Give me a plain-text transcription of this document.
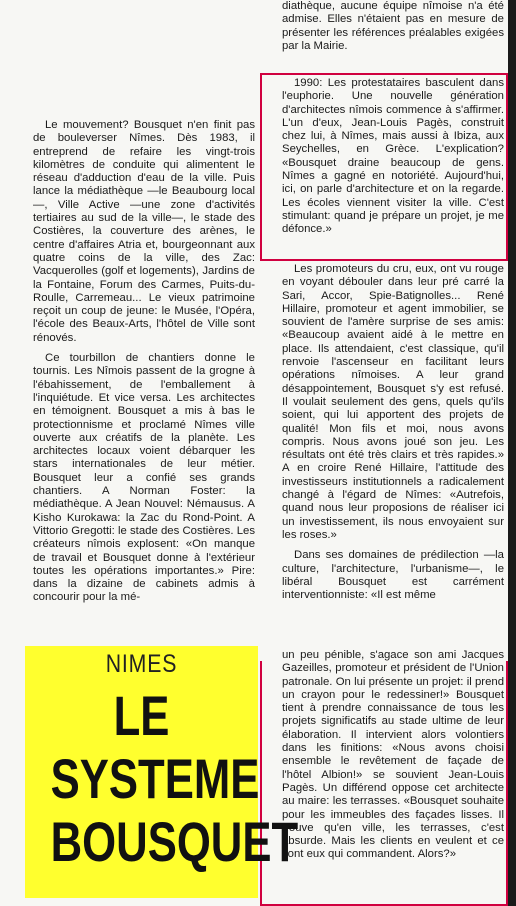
diathèque, aucune équipe nîmoise n'a été admise. Elles n'étaient pas en mesure de présenter les références préalables exigées par la Mairie.

Le mouvement? Bousquet n'en finit pas de bouleverser Nîmes. Dès 1983, il entreprend de refaire les vingt-trois kilomètres de conduite qui alimentent le réseau d'adduction d'eau de la ville. Puis lance la médiathèque —le Beaubourg local—, Ville Active —une zone d'activités tertiaires au sud de la ville—, le stade des Costières, la couverture des arènes, le centre d'affaires Atria et, bourgeonnant aux quatre coins de la ville, des Zac: Vacquerolles (golf et logements), Jardins de la Fontaine, Forum des Carmes, Puits-du-Roulle, Carremeau... Le vieux patrimoine reçoit un coup de jeune: le Musée, l'Opéra, l'école des Beaux-Arts, l'hôtel de Ville sont rénovés.

Ce tourbillon de chantiers donne le tournis. Les Nîmois passent de la grogne à l'ébahissement, de l'emballement à l'inquiétude. Et vice versa. Les architectes en témoignent. Bousquet a mis à bas le protectionnisme et proclamé Nîmes ville ouverte aux créatifs de la planète. Les architectes locaux voient débarquer les stars internationales de leur métier. Bousquet leur a confié ses grands chantiers. A Norman Foster: la médiathèque. A Jean Nouvel: Némausus. A Kisho Kurokawa: la Zac du Rond-Point. A Vittorio Gregotti: le stade des Costières. Les créateurs nîmois explosent: «On manque de travail et Bousquet donne à l'extérieur toutes les opérations importantes.» Pire: dans la dizaine de cabinets admis à concourir pour la mé-

1990: Les protestataires basculent dans l'euphorie. Une nouvelle génération d'architectes nîmois commence à s'affirmer. L'un d'eux, Jean-Louis Pagès, construit chez lui, à Nîmes, mais aussi à Ibiza, aux Seychelles, en Grèce. L'explication? «Bousquet draine beaucoup de gens. Nîmes a gagné en notoriété. Aujourd'hui, ici, on parle d'architecture et on la regarde. Les écoles viennent visiter la ville. C'est stimulant: quand je prépare un projet, je me défonce.»

Les promoteurs du cru, eux, ont vu rouge en voyant débouler dans leur pré carré la Sari, Accor, Spie-Batignolles... René Hillaire, promoteur et agent immobilier, se souvient de l'amère surprise de ses amis: «Beaucoup avaient aidé à le mettre en place. Ils attendaient, c'est classique, qu'il renvoie l'ascenseur en facilitant leurs opérations nîmoises. A leur grand désappointement, Bousquet s'y est refusé. Il voulait seulement des gens, quels qu'ils soient, qui lui apportent des projets de qualité! Mon fils et moi, nous avons compris. Nous avons joué son jeu. Les résultats ont été très clairs et très rapides.» A en croire René Hillaire, l'attitude des investisseurs institutionnels a radicalement changé à l'égard de Nîmes: «Autrefois, quand nous leur proposions de réaliser ici un investissement, ils nous envoyaient sur les roses.»

Dans ses domaines de prédilection —la culture, l'architecture, l'urbanisme—, le libéral Bousquet est carrément interventionniste: «Il est même

un peu pénible, s'agace son ami Jacques Gazeilles, promoteur et président de l'Union patronale. On lui présente un projet: il prend un crayon pour le redessiner!» Bousquet tient à prendre connaissance de tous les projets significatifs au stade ultime de leur élaboration. Il intervient alors volontiers dans les finitions: «Nous avons choisi ensemble le revêtement de façade de l'hôtel Albion!» se souvient Jean-Louis Pagès. Un différend oppose cet architecte au maire: les terrasses. «Bousquet souhaite pour les immeubles des façades lisses. Il trouve qu'en ville, les terrasses, c'est absurde. Mais les clients en veulent et ce sont eux qui commandent. Alors?»

NIMES
LE
SYSTEME
BOUSQUET
